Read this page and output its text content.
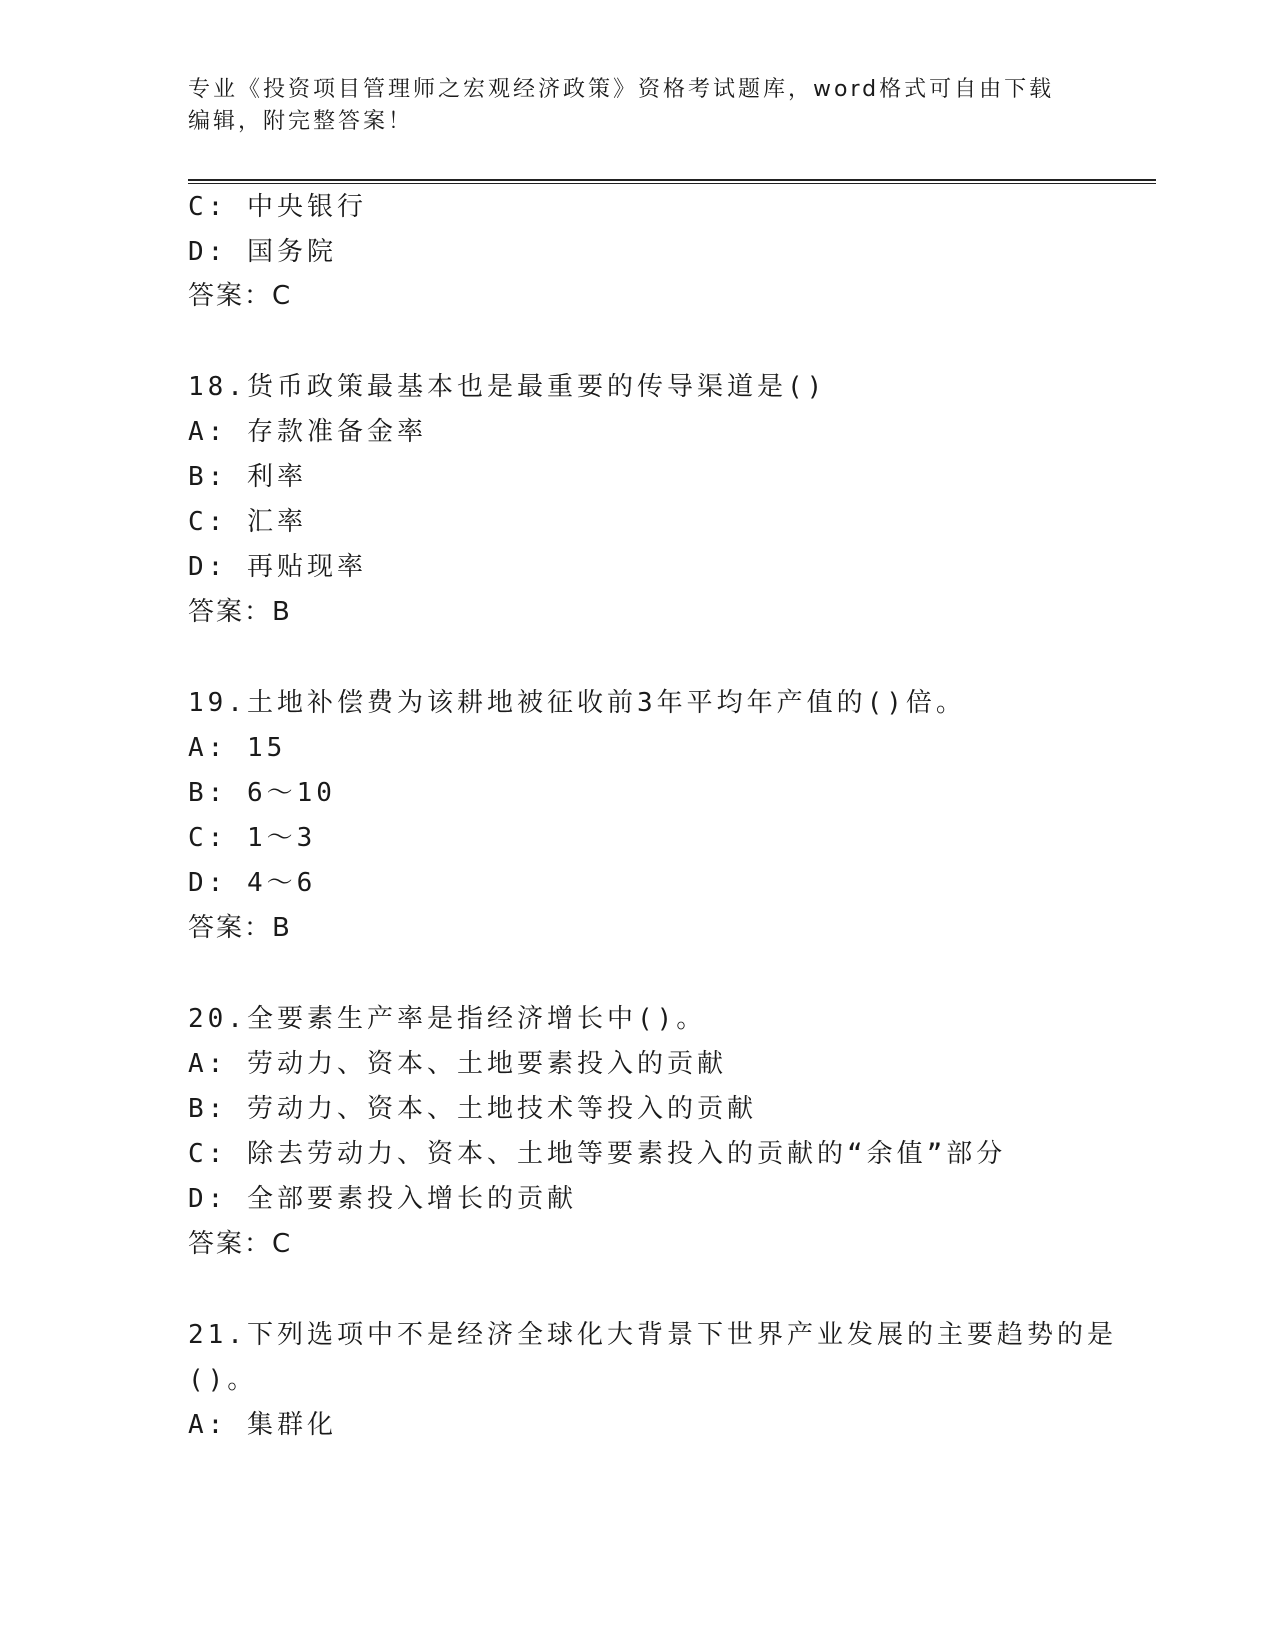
专业《投资项目管理师之宏观经济政策》资格考试题库，word格式可自由下载编辑，附完整答案！
C: 中央银行
D: 国务院
答案：C
18.货币政策最基本也是最重要的传导渠道是()
A: 存款准备金率
B: 利率
C: 汇率
D: 再贴现率
答案：B
19.土地补偿费为该耕地被征收前3年平均年产值的()倍。
A: 15
B: 6～10
C: 1～3
D: 4～6
答案：B
20.全要素生产率是指经济增长中()。
A: 劳动力、资本、土地要素投入的贡献
B: 劳动力、资本、土地技术等投入的贡献
C: 除去劳动力、资本、土地等要素投入的贡献的“余值”部分
D: 全部要素投入增长的贡献
答案：C
21.下列选项中不是经济全球化大背景下世界产业发展的主要趋势的是
()。
A: 集群化
